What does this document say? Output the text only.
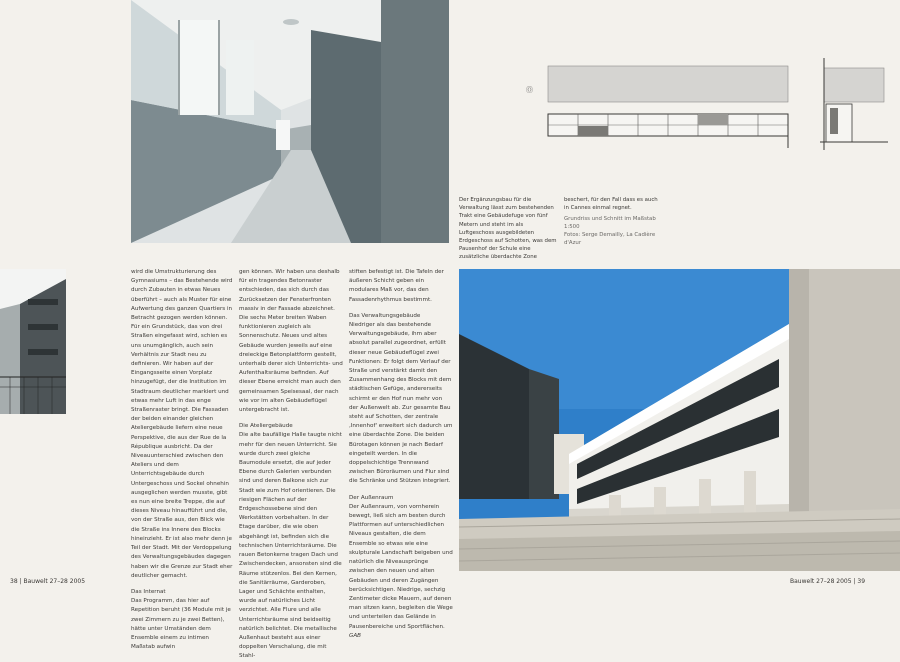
Ⓞ
Der Ergänzungsbau für die Verwaltung lässt zum bestehenden Trakt eine Gebäudefuge von fünf Metern und steht im als Luftgeschoss ausgebildeten Erdgeschoss auf Schotten, was dem Pausenhof der Schule eine zusätzliche überdachte Zone
beschert, für den Fall dass es auch in Cannes einmal regnet.
Grundriss und Schnitt im Maßstab 1:500
Fotos: Serge Demailly, La Cadière d'Azur

wird die Umstrukturierung des Gymnasiums – das Bestehende wird durch Zubauten in etwas Neues überführt – auch als Muster für eine Aufwertung des ganzen Quartiers in Betracht gezogen werden können.

Für ein Grundstück, das von drei Straßen eingefasst wird, schien es uns unumgänglich, auch sein Verhältnis zur Stadt neu zu definieren. Wir haben auf der Eingangsseite einen Vorplatz hinzugefügt, der die Institution im Stadtraum deutlicher markiert und etwas mehr Luft in das enge Straßenraster bringt. Die Fassaden der beiden einander gleichen Ateliergebäude liefern eine neue Perspektive, die aus der Rue de la République ausbricht. Da der Niveauunterschied zwischen den Ateliers und dem Unterrichtsgebäude durch Untergeschoss und Sockel ohnehin ausgeglichen werden musste, gibt es nun eine breite Treppe, die auf dieses Niveau hinaufführt und die, von der Straße aus, den Blick wie die Straße ins Innere des Blocks hineinzieht. Er ist also mehr denn je Teil der Stadt. Mit der Verdoppelung des Verwaltungsgebäudes dagegen haben wir die Grenze zur Stadt eher deutlicher gemacht.

Das Internat

Das Programm, das hier auf Repetition beruht (36 Module mit je zwei Zimmern zu je zwei Betten), hätte unter Umständen dem Ensemble einem zu intimen Maßstab aufwin

gen können. Wir haben uns deshalb für ein tragendes Betonraster entschieden, das sich durch das Zurücksetzen der Fensterfronten massiv in der Fassade abzeichnet. Die sechs Meter breiten Waben funktionieren zugleich als Sonnenschutz. Neues und altes Gebäude wurden jeweils auf eine dreieckige Betonplattform gestellt, unterhalb derer sich Unterrichts- und Aufenthaltsräume befinden. Auf dieser Ebene erreicht man auch den gemeinsamen Speisesaal, der nach wie vor im alten Gebäudeflügel untergebracht ist.

Die Ateliergebäude

Die alte baufällige Halle taugte nicht mehr für den neuen Unterricht. Sie wurde durch zwei gleiche Baumodule ersetzt, die auf jeder Ebene durch Galerien verbunden sind und deren Balkone sich zur Stadt wie zum Hof orientieren. Die riesigen Flächen auf der Erdgeschossebene sind den Werkstätten vorbehalten. In der Etage darüber, die wie oben abgehängt ist, befinden sich die technischen Unterrichtsräume. Die rauen Betonkerne tragen Dach und Zwischendecken, ansonsten sind die Räume stützenlos. Bei den Kernen, die Sanitärräume, Garderoben, Lager und Schächte enthalten, wurde auf natürliches Licht verzichtet. Alle Flure und alle Unterrichtsräume sind beidseitig natürlich belichtet. Die metallische Außenhaut besteht aus einer doppelten Verschalung, die mit Stahl-

stiften befestigt ist. Die Tafeln der äußeren Schicht geben ein modulares Maß vor, das den Fassadenrhythmus bestimmt.

Das Verwaltungsgebäude

Niedriger als das bestehende Verwaltungsgebäude, ihm aber absolut parallel zugeordnet, erfüllt dieser neue Gebäudeflügel zwei Funktionen: Er folgt dem Verlauf der Straße und verstärkt damit den Zusammenhang des Blocks mit dem städtischen Gefüge, andererseits schirmt er den Hof nun mehr von der Außenwelt ab. Zur gesamte Bau steht auf Schotten, der zentrale ‚Innenhof' erweitert sich dadurch um eine überdachte Zone. Die beiden Bürotagen können je nach Bedarf eingeteilt werden. In die doppelschichtige Trennwand zwischen Büroräumen und Flur sind die Schränke und Stützen integriert.

Der Außenraum

Der Außenraum, von vornherein bewegt, ließ sich am besten durch Plattformen auf unterschiedlichen Niveaus gestalten, die dem Ensemble so etwas wie eine skulpturale Landschaft beigeben und natürlich die Niveausprünge zwischen den neuen und alten Gebäuden und deren Zugängen berücksichtigen. Niedrige, sechzig Zentimeter dicke Mauern, auf denen man sitzen kann, begleiten die Wege und unterteilen das Gelände in Pausenbereiche und Sportflächen. GAB

38 | Bauwelt 27–28 2005	Bauwelt 27–28 2005 | 39
